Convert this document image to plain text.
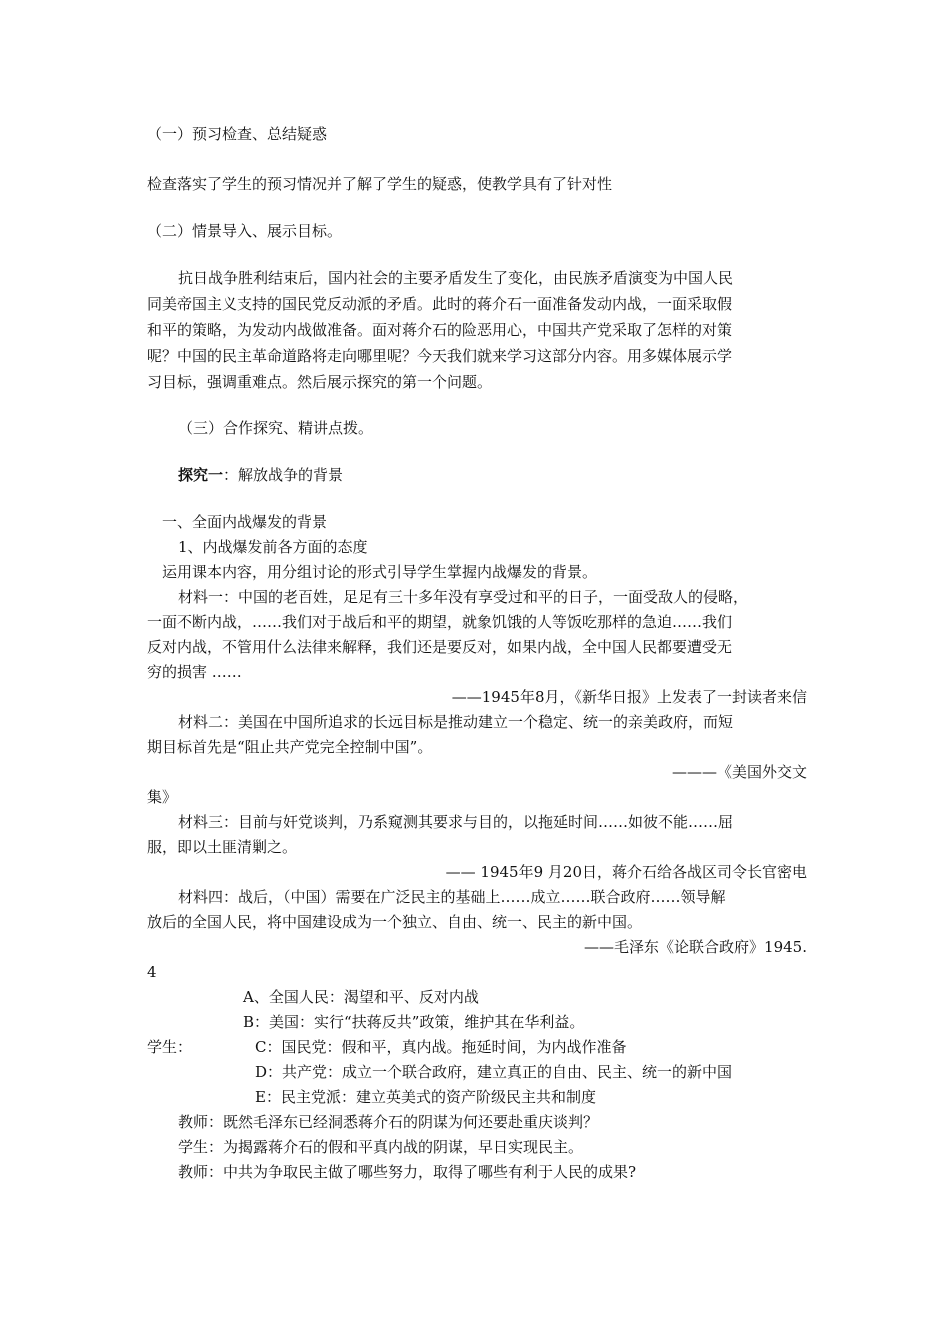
（一）预习检查、总结疑惑
检查落实了学生的预习情况并了解了学生的疑惑，使教学具有了针对性
（二）情景导入、展示目标。
抗日战争胜利结束后，国内社会的主要矛盾发生了变化，由民族矛盾演变为中国人民
同美帝国主义支持的国民党反动派的矛盾。此时的蒋介石一面准备发动内战，一面采取假
和平的策略，为发动内战做准备。面对蒋介石的险恶用心，中国共产党采取了怎样的对策
呢？中国的民主革命道路将走向哪里呢？今天我们就来学习这部分内容。用多媒体展示学
习目标，强调重难点。然后展示探究的第一个问题。
（三）合作探究、精讲点拨。
探究一：解放战争的背景
一、全面内战爆发的背景
1、内战爆发前各方面的态度
运用课本内容，用分组讨论的形式引导学生掌握内战爆发的背景。
材料一：中国的老百姓，足足有三十多年没有享受过和平的日子，一面受敌人的侵略，
一面不断内战，……我们对于战后和平的期望，就象饥饿的人等饭吃那样的急迫……我们
反对内战，不管用什么法律来解释，我们还是要反对，如果内战，全中国人民都要遭受无
穷的损害 ……
——1945年8月，《新华日报》上发表了一封读者来信
材料二：美国在中国所追求的长远目标是推动建立一个稳定、统一的亲美政府，而短
期目标首先是“阻止共产党完全控制中国”。
———《美国外交文
集》
材料三：目前与奸党谈判，乃系窥测其要求与目的，以拖延时间……如彼不能……屈
服，即以土匪清剿之。
—— 1945年9 月20日，蒋介石给各战区司令长官密电
材料四：战后，（中国）需要在广泛民主的基础上……成立……联合政府……领导解
放后的全国人民，将中国建设成为一个独立、自由、统一、民主的新中国。
——毛泽东《论联合政府》1945.
4
A、全国人民：渴望和平、反对内战
B：美国：实行“扶蒋反共”政策，维护其在华利益。
学生：	C：国民党：假和平，真内战。拖延时间，为内战作准备
D：共产党：成立一个联合政府，建立真正的自由、民主、统一的新中国
E：民主党派：建立英美式的资产阶级民主共和制度
教师：既然毛泽东已经洞悉蒋介石的阴谋为何还要赴重庆谈判？
学生：为揭露蒋介石的假和平真内战的阴谋，早日实现民主。
教师：中共为争取民主做了哪些努力，取得了哪些有利于人民的成果?
